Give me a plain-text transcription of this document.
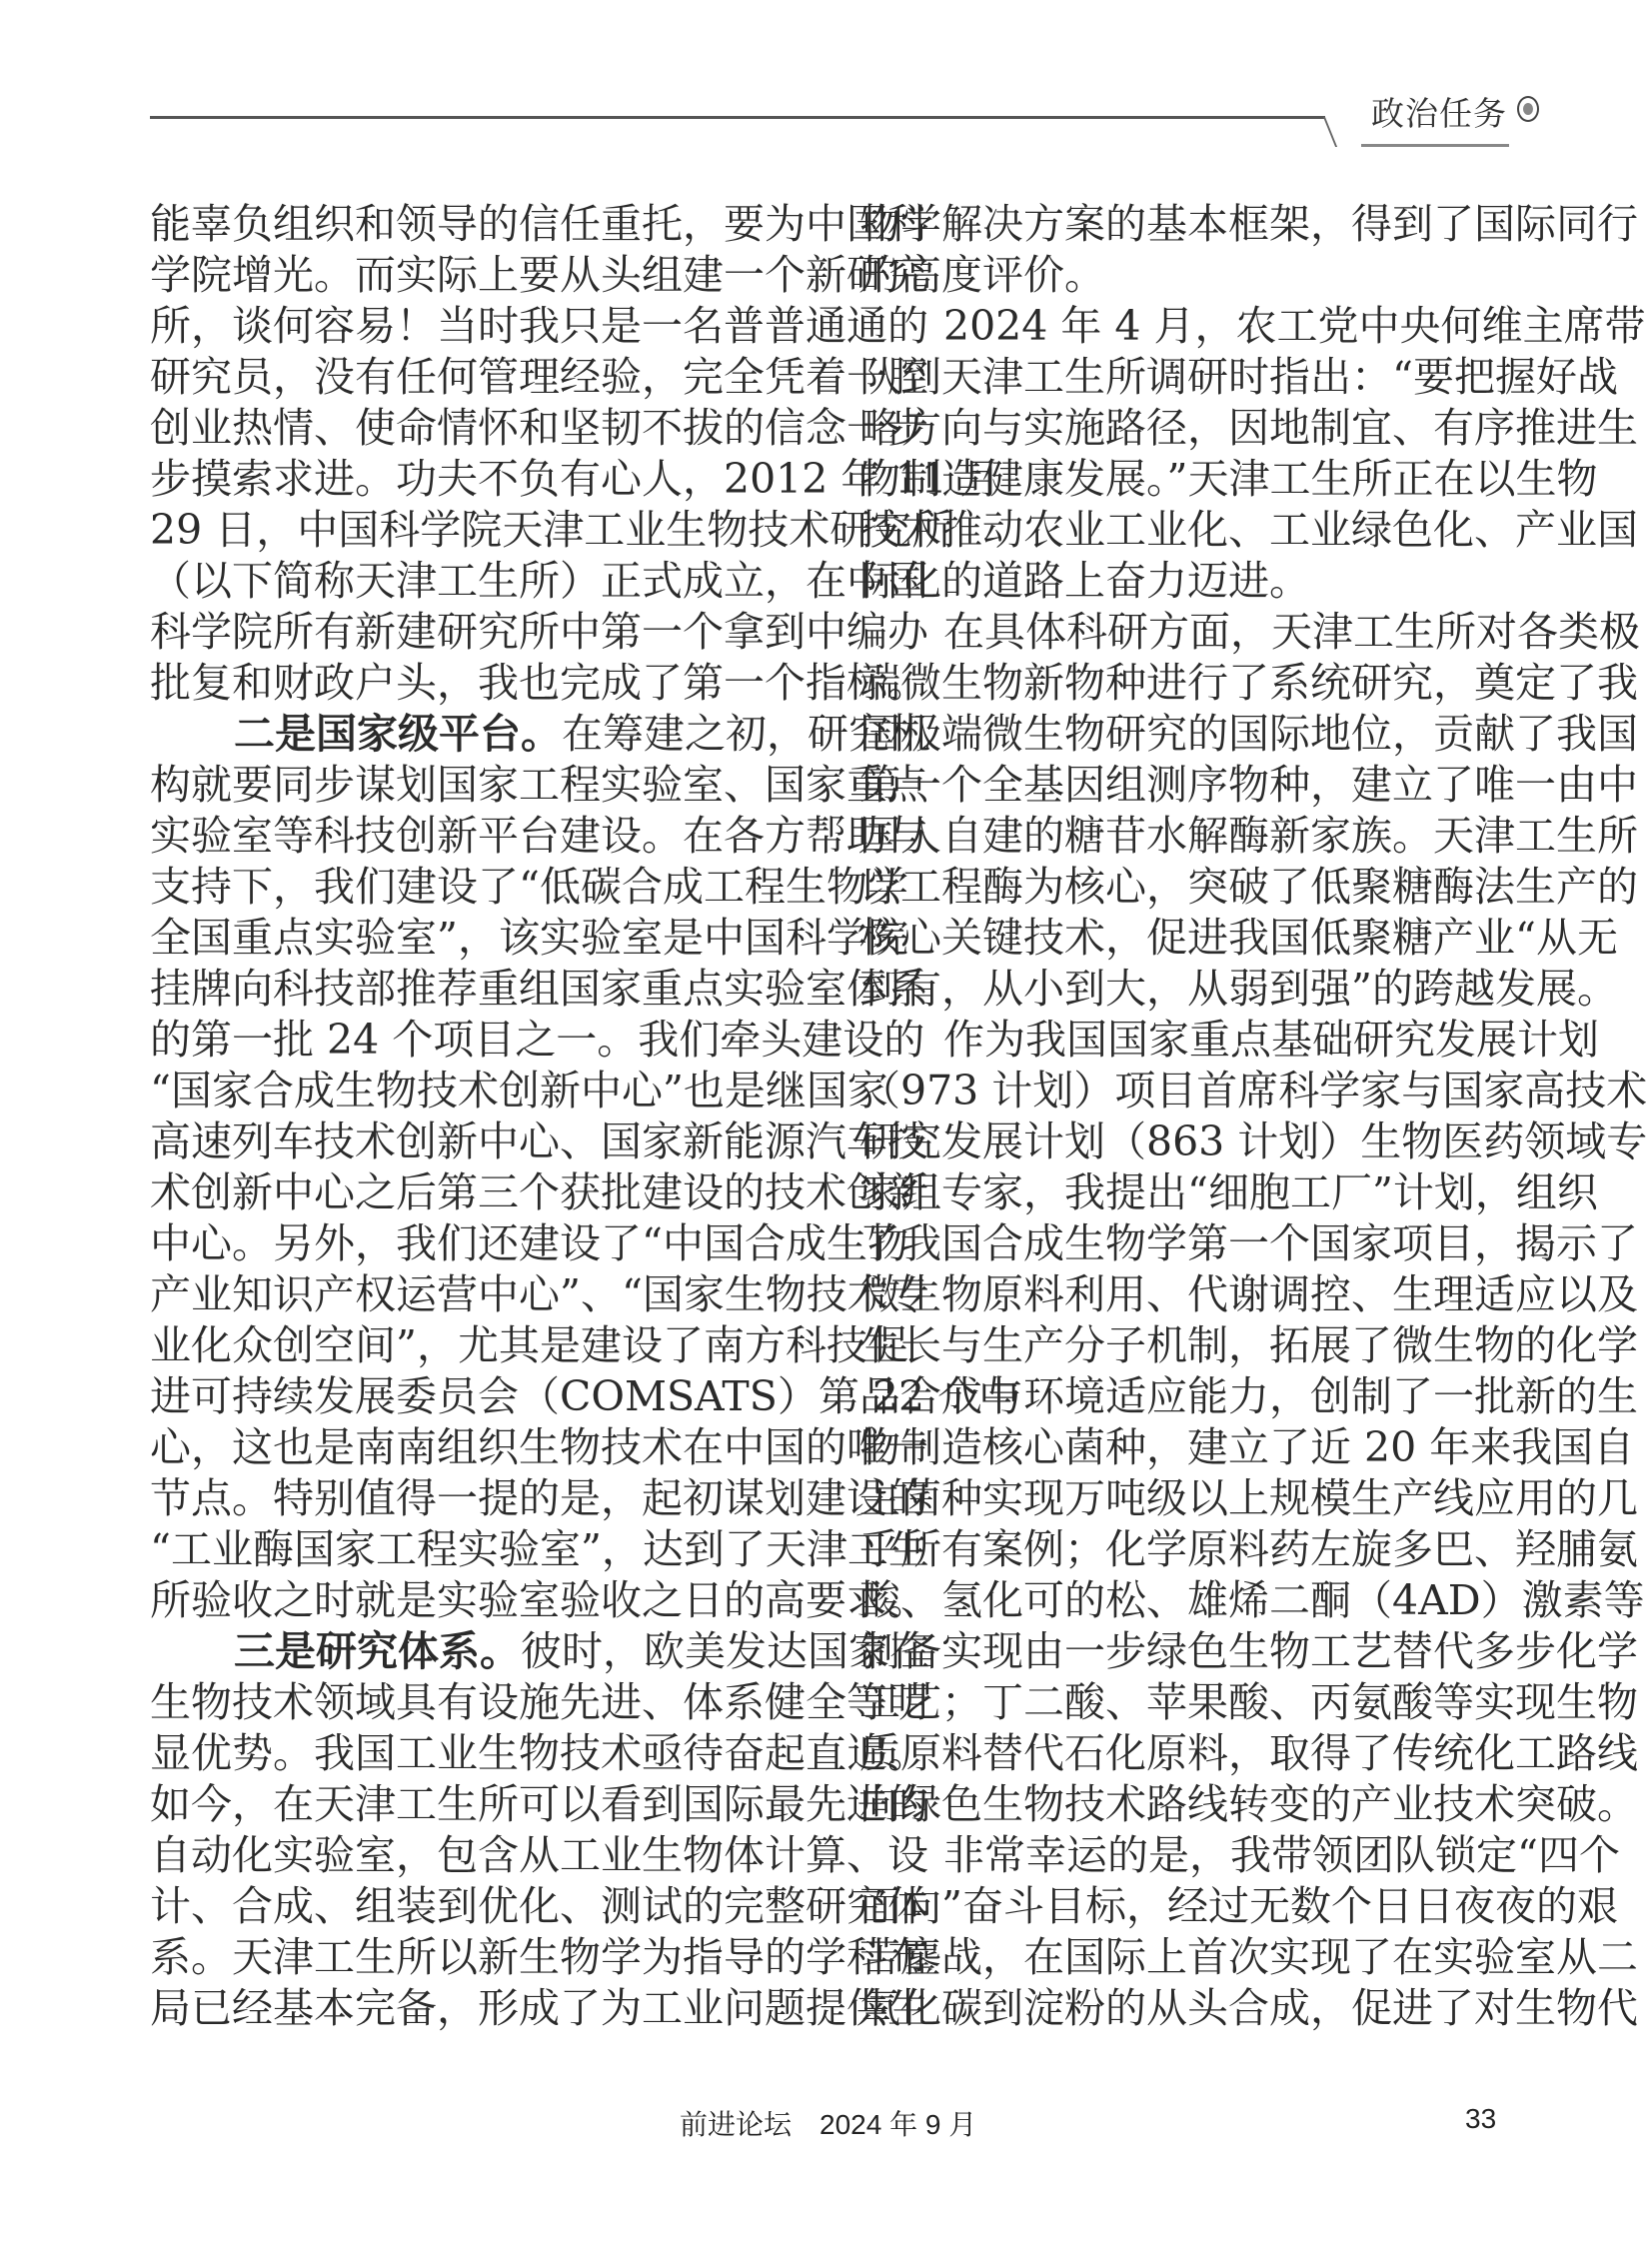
政治任务
能辜负组织和领导的信任重托，要为中国科
学院增光。而实际上要从头组建一个新研究
所，谈何容易！当时我只是一名普普通通的
研究员，没有任何管理经验，完全凭着一腔
创业热情、使命情怀和坚韧不拔的信念一步
步摸索求进。功夫不负有心人，2012 年 11 月
29 日，中国科学院天津工业生物技术研究所
（以下简称天津工生所）正式成立，在中国
科学院所有新建研究所中第一个拿到中编办
批复和财政户头，我也完成了第一个指标。
二是国家级平台。在筹建之初，研究机
构就要同步谋划国家工程实验室、国家重点
实验室等科技创新平台建设。在各方帮助与
支持下，我们建设了“低碳合成工程生物学
全国重点实验室”，该实验室是中国科学院
挂牌向科技部推荐重组国家重点实验室体系
的第一批 24 个项目之一。我们牵头建设的
“国家合成生物技术创新中心”也是继国家
高速列车技术创新中心、国家新能源汽车技
术创新中心之后第三个获批建设的技术创新
中心。另外，我们还建设了“中国合成生物
产业知识产权运营中心”、“国家生物技术专
业化众创空间”，尤其是建设了南方科技促
进可持续发展委员会（COMSATS）第 22 个中
心，这也是南南组织生物技术在中国的唯一
节点。特别值得一提的是，起初谋划建设的
“工业酶国家工程实验室”，达到了天津工生
所验收之时就是实验室验收之日的高要求。
三是研究体系。彼时，欧美发达国家在
生物技术领域具有设施先进、体系健全等明
显优势。我国工业生物技术亟待奋起直追。
如今，在天津工生所可以看到国际最先进的
自动化实验室，包含从工业生物体计算、设
计、合成、组装到优化、测试的完整研究体
系。天津工生所以新生物学为指导的学科布
局已经基本完备，形成了为工业问题提供生
物学解决方案的基本框架，得到了国际同行
的高度评价。
2024 年 4 月，农工党中央何维主席带
队到天津工生所调研时指出：“要把握好战
略方向与实施路径，因地制宜、有序推进生
物制造健康发展。”天津工生所正在以生物
技术推动农业工业化、工业绿色化、产业国
际化的道路上奋力迈进。
在具体科研方面，天津工生所对各类极
端微生物新物种进行了系统研究，奠定了我
国极端微生物研究的国际地位，贡献了我国
第一个全基因组测序物种，建立了唯一由中
国人自建的糖苷水解酶新家族。天津工生所
以工程酶为核心，突破了低聚糖酶法生产的
核心关键技术，促进我国低聚糖产业“从无
到有，从小到大，从弱到强”的跨越发展。
作为我国国家重点基础研究发展计划
（973 计划）项目首席科学家与国家高技术
研究发展计划（863 计划）生物医药领域专
家组专家，我提出“细胞工厂”计划，组织
了我国合成生物学第一个国家项目，揭示了
微生物原料利用、代谢调控、生理适应以及
生长与生产分子机制，拓展了微生物的化学
品合成与环境适应能力，创制了一批新的生
物制造核心菌种，建立了近 20 年来我国自
主菌种实现万吨级以上规模生产线应用的几
乎所有案例；化学原料药左旋多巴、羟脯氨
酸、氢化可的松、雄烯二酮（4AD）激素等
制备实现由一步绿色生物工艺替代多步化学
工艺；丁二酸、苹果酸、丙氨酸等实现生物
质原料替代石化原料，取得了传统化工路线
向绿色生物技术路线转变的产业技术突破。
非常幸运的是，我带领团队锁定“四个
面向”奋斗目标，经过无数个日日夜夜的艰
苦鏖战，在国际上首次实现了在实验室从二
氧化碳到淀粉的从头合成，促进了对生物代
前进论坛 2024 年 9 月	33
